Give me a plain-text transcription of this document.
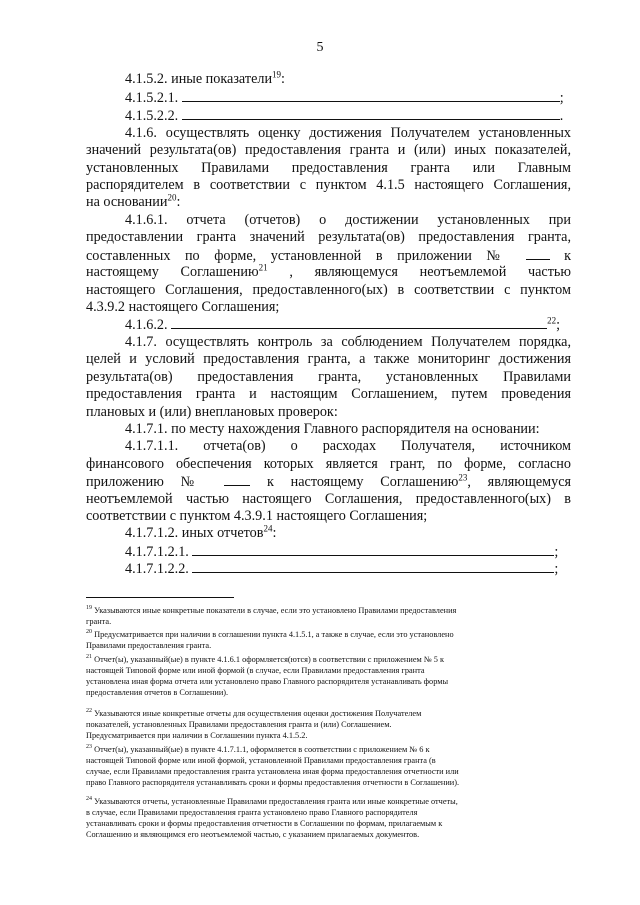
5
4.1.5.2. иные показатели$^{19}$:
4.1.5.2.1.	;
4.1.5.2.2.	.
4.1.6. осуществлять оценку достижения Получателем установленных
значений результата(ов) предоставления гранта и (или) иных показателей,
установленных Правилами предоставления гранта или Главным
распорядителем в соответствии с пунктом 4.1.5 настоящего Соглашения,
на основании$^{20}$:
4.1.6.1. отчета (отчетов) о достижении установленных при
предоставлении гранта значений результата(ов) предоставления гранта,
составленных по форме, установленной в приложении №	к
настоящему Соглашению$^{21}$ , являющемуся неотъемлемой частью
настоящего Соглашения, предоставленного(ых) в соответствии с пунктом
4.3.9.2 настоящего Соглашения;
4.1.6.2.	$^{22}$;
4.1.7. осуществлять контроль за соблюдением Получателем порядка,
целей и условий предоставления гранта, а также мониторинг достижения
результата(ов) предоставления гранта, установленных Правилами
предоставления гранта и настоящим Соглашением, путем проведения
плановых и (или) внеплановых проверок:
4.1.7.1. по месту нахождения Главного распорядителя на основании:
4.1.7.1.1. отчета(ов) о расходах Получателя, источником
финансового обеспечения которых является грант, по форме, согласно
приложению №	к настоящему Соглашению$^{23}$, являющемуся
неотъемлемой частью настоящего Соглашения, предоставленного(ых) в
соответствии с пунктом 4.3.9.1 настоящего Соглашения;
4.1.7.1.2. иных отчетов$^{24}$:
4.1.7.1.2.1.	;
4.1.7.1.2.2.	;
$^{19}$ Указываются иные конкретные показатели в случае, если это установлено Правилами предоставления
гранта.
$^{20}$ Предусматривается при наличии в соглашении пункта 4.1.5.1, а также в случае, если это установлено
Правилами предоставления гранта.
$^{21}$ Отчет(ы), указанный(ые) в пункте 4.1.6.1 оформляется(ются) в соответствии с приложением № 5 к
настоящей Типовой форме или иной формой (в случае, если Правилами предоставления гранта
установлена иная форма отчета или установлено право Главного распорядителя устанавливать формы
предоставления отчетов в Соглашении).
$^{22}$ Указываются иные конкретные отчеты для осуществления оценки достижения Получателем
показателей, установленных Правилами предоставления гранта и (или) Соглашением.
Предусматривается при наличии в Соглашении пункта 4.1.5.2.
$^{23}$ Отчет(ы), указанный(ые) в пункте 4.1.7.1.1, оформляется в соответствии с приложением № 6 к
настоящей Типовой форме или иной формой, установленной Правилами предоставления гранта (в
случае, если Правилами предоставления гранта установлена иная форма предоставления отчетности или
право Главного распорядителя устанавливать сроки и формы предоставления отчетности в Соглашении).
$^{24}$ Указываются отчеты, установленные Правилами предоставления гранта или иные конкретные отчеты,
в случае, если Правилами предоставления гранта установлено право Главного распорядителя
устанавливать сроки и формы предоставления отчетности в Соглашении по формам, прилагаемым к
Соглашению и являющимся его неотъемлемой частью, с указанием прилагаемых документов.
